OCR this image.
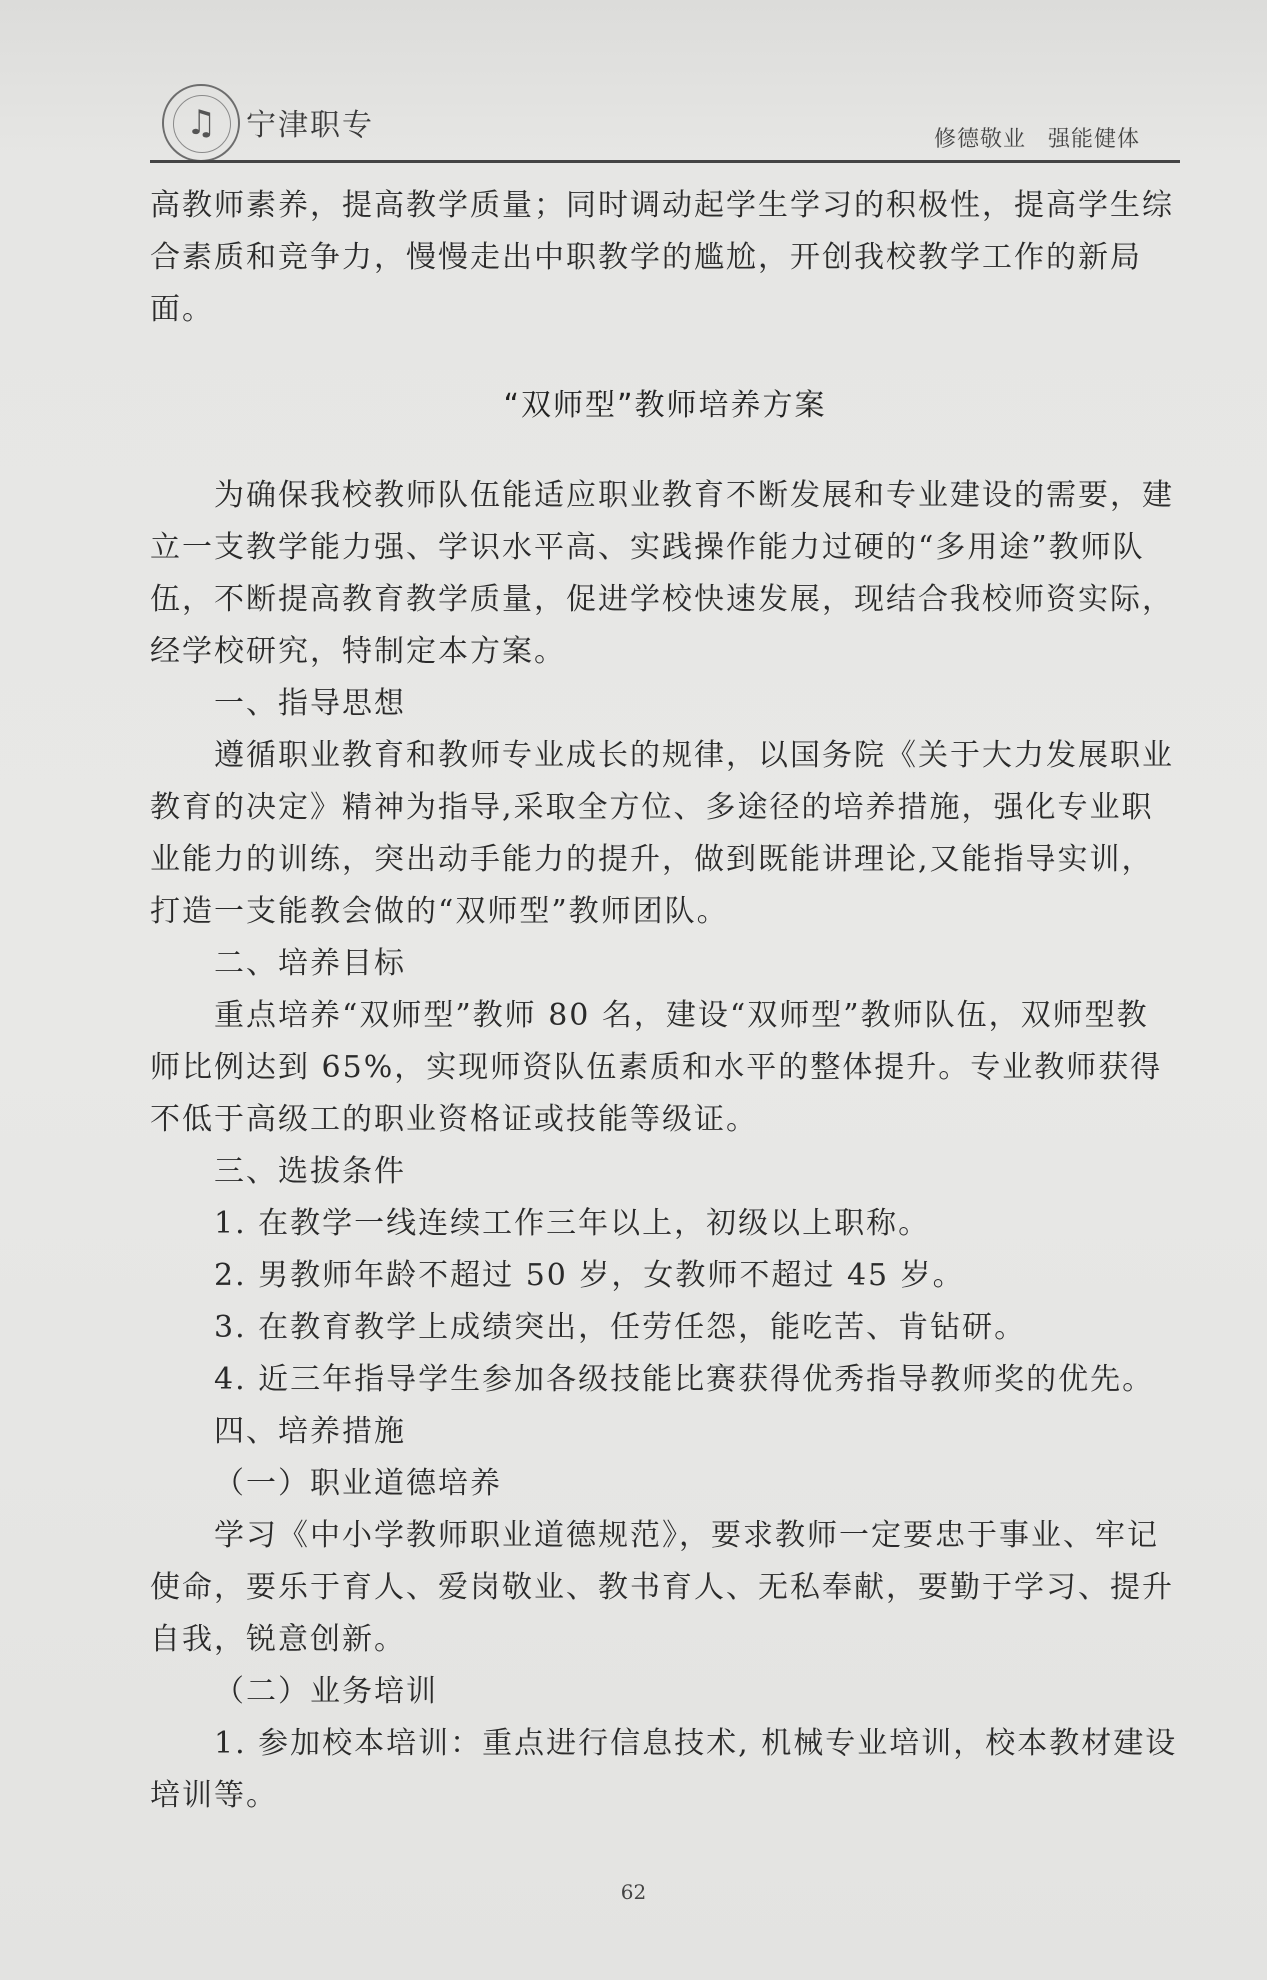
♫ 宁津职专	修德敬业 强能健体

高教师素养，提高教学质量；同时调动起学生学习的积极性，提高学生综

合素质和竞争力，慢慢走出中职教学的尴尬，开创我校教学工作的新局面。

“双师型”教师培养方案

为确保我校教师队伍能适应职业教育不断发展和专业建设的需要，建立一支教学能力强、学识水平高、实践操作能力过硬的“多用途”教师队伍，不断提高教育教学质量，促进学校快速发展，现结合我校师资实际，经学校研究，特制定本方案。

一、指导思想

遵循职业教育和教师专业成长的规律，以国务院《关于大力发展职业教育的决定》精神为指导,采取全方位、多途径的培养措施，强化专业职业能力的训练，突出动手能力的提升，做到既能讲理论,又能指导实训，打造一支能教会做的“双师型”教师团队。

二、培养目标

重点培养“双师型”教师 80 名，建设“双师型”教师队伍，双师型教师比例达到 65%，实现师资队伍素质和水平的整体提升。专业教师获得不低于高级工的职业资格证或技能等级证。

三、选拔条件

1. 在教学一线连续工作三年以上，初级以上职称。

2. 男教师年龄不超过 50 岁，女教师不超过 45 岁。

3. 在教育教学上成绩突出，任劳任怨，能吃苦、肯钻研。

4. 近三年指导学生参加各级技能比赛获得优秀指导教师奖的优先。

四、培养措施

（一）职业道德培养

学习《中小学教师职业道德规范》，要求教师一定要忠于事业、牢记使命，要乐于育人、爱岗敬业、教书育人、无私奉献，要勤于学习、提升自我，锐意创新。

（二）业务培训

1. 参加校本培训：重点进行信息技术, 机械专业培训，校本教材建设培训等。

62
